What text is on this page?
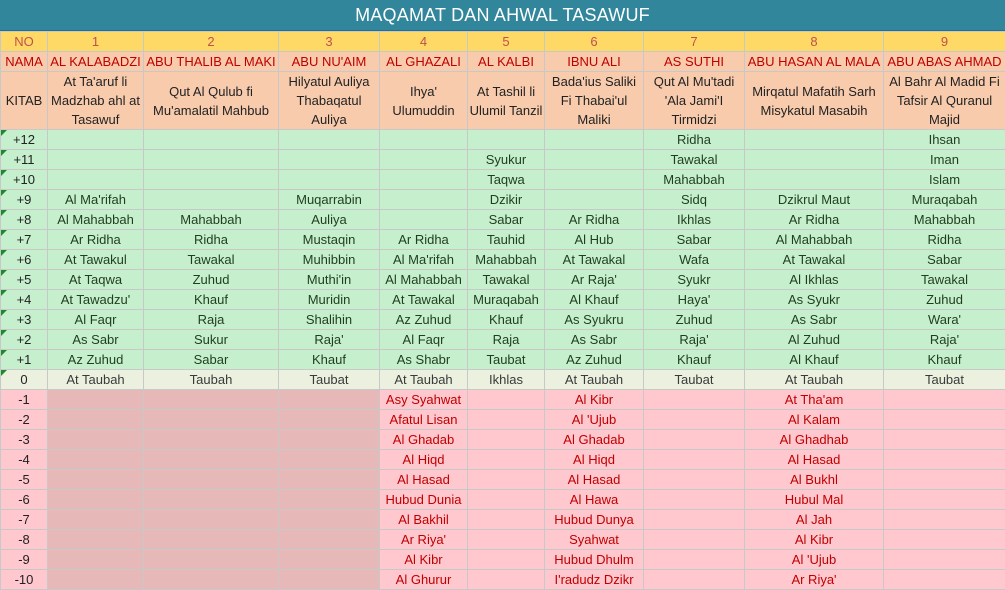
MAQAMAT DAN AHWAL TASAWUF
NO	1	2	3	4	5	6	7	8	9
NAMA	AL KALABADZI	ABU THALIB AL MAKI	ABU NU'AIM	AL GHAZALI	AL KALBI	IBNU ALI	AS SUTHI	ABU HASAN AL MALA	ABU ABAS AHMAD
KITAB	At Ta'aruf li Madzhab ahl at Tasawuf	Qut Al Qulub fi Mu'amalatil Mahbub	Hilyatul Auliya Thabaqatul Auliya	Ihya' Ulumuddin	At Tashil li Ulumil Tanzil	Bada'ius Saliki Fi Thabai'ul Maliki	Qut Al Mu'tadi 'Ala Jami'I Tirmidzi	Mirqatul Mafatih Sarh Misykatul Masabih	Al Bahr Al Madid Fi Tafsir Al Quranul Majid

+12							Ridha		Ihsan

+11					Syukur		Tawakal		Iman

+10					Taqwa		Mahabbah		Islam

+9	Al Ma'rifah		Muqarrabin		Dzikir		Sidq	Dzikrul Maut	Muraqabah

+8	Al Mahabbah	Mahabbah	Auliya		Sabar	Ar Ridha	Ikhlas	Ar Ridha	Mahabbah

+7	Ar Ridha	Ridha	Mustaqin	Ar Ridha	Tauhid	Al Hub	Sabar	Al Mahabbah	Ridha

+6	At Tawakul	Tawakal	Muhibbin	Al Ma'rifah	Mahabbah	At Tawakal	Wafa	At Tawakal	Sabar

+5	At Taqwa	Zuhud	Muthi'in	Al Mahabbah	Tawakal	Ar Raja'	Syukr	Al Ikhlas	Tawakal

+4	At Tawadzu'	Khauf	Muridin	At Tawakal	Muraqabah	Al Khauf	Haya'	As Syukr	Zuhud

+3	Al Faqr	Raja	Shalihin	Az Zuhud	Khauf	As Syukru	Zuhud	As Sabr	Wara'

+2	As Sabr	Sukur	Raja'	Al Faqr	Raja	As Sabr	Raja'	Al Zuhud	Raja'

+1	Az Zuhud	Sabar	Khauf	As Shabr	Taubat	Az Zuhud	Khauf	Al Khauf	Khauf

0	At Taubah	Taubah	Taubat	At Taubah	Ikhlas	At Taubah	Taubat	At Taubah	Taubat
-1				Asy Syahwat		Al Kibr		At Tha'am	
-2				Afatul Lisan		Al 'Ujub		Al Kalam	
-3				Al Ghadab		Al Ghadab		Al Ghadhab	
-4				Al Hiqd		Al Hiqd		Al Hasad	
-5				Al Hasad		Al Hasad		Al Bukhl	
-6				Hubud Dunia		Al Hawa		Hubul Mal	
-7				Al Bakhil		Hubud Dunya		Al Jah	
-8				Ar Riya'		Syahwat		Al Kibr	
-9				Al Kibr		Hubud Dhulm		Al 'Ujub	
-10				Al Ghurur		I'radudz Dzikr		Ar Riya'	
